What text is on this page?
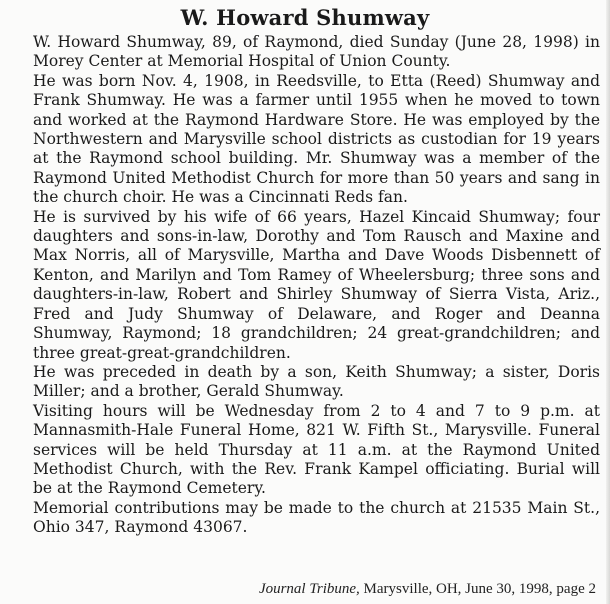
W. Howard Shumway

W. Howard Shumway, 89, of Raymond, died Sunday (June 28, 1998) in Morey Center at Memorial Hospital of Union County.

He was born Nov. 4, 1908, in Reedsville, to Etta (Reed) Shumway and Frank Shumway. He was a farmer until 1955 when he moved to town and worked at the Raymond Hardware Store. He was employed by the Northwestern and Marysville school districts as custodian for 19 years at the Raymond school building. Mr. Shumway was a member of the Raymond United Methodist Church for more than 50 years and sang in the church choir. He was a Cincinnati Reds fan.

He is survived by his wife of 66 years, Hazel Kincaid Shumway; four daughters and sons-in-law, Dorothy and Tom Rausch and Maxine and Max Norris, all of Marysville, Martha and Dave Woods Disbennett of Kenton, and Marilyn and Tom Ramey of Wheelersburg; three sons and daughters-in-law, Robert and Shirley Shumway of Sierra Vista, Ariz., Fred and Judy Shumway of Delaware, and Roger and Deanna Shumway, Raymond; 18 grandchildren; 24 great-grandchildren; and three great-great-grandchildren.

He was preceded in death by a son, Keith Shumway; a sister, Doris Miller; and a brother, Gerald Shumway.

Visiting hours will be Wednesday from 2 to 4 and 7 to 9 p.m. at Mannasmith-Hale Funeral Home, 821 W. Fifth St., Marysville. Funeral services will be held Thursday at 11 a.m. at the Raymond United Methodist Church, with the Rev. Frank Kampel officiating. Burial will be at the Raymond Cemetery.

Memorial contributions may be made to the church at 21535 Main St., Ohio 347, Raymond 43067.

Journal Tribune, Marysville, OH, June 30, 1998, page 2
